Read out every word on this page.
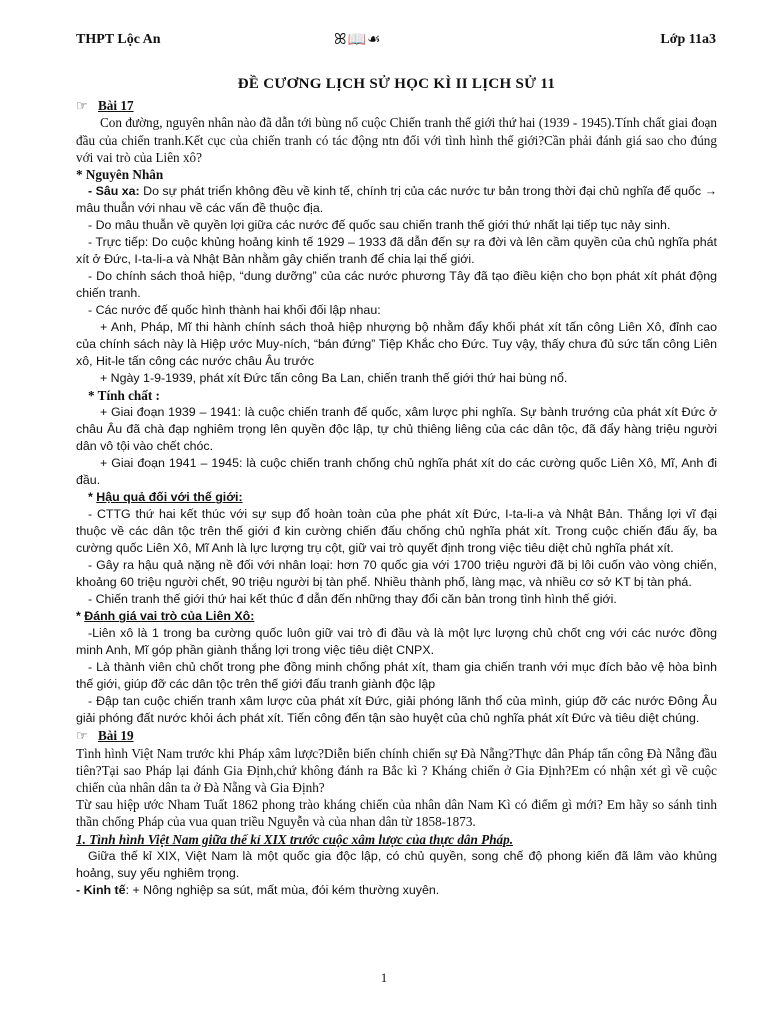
THPT Lộc An	ꕤ📖☙	Lớp 11a3
ĐỀ CƯƠNG LỊCH SỬ HỌC KÌ II LỊCH SỬ 11
☞ Bài 17

Con đường, nguyên nhân nào đã dẫn tới bùng nổ cuộc Chiến tranh thế giới thứ hai (1939 - 1945).Tính chất giai đoạn đầu của chiến tranh.Kết cục của chiến tranh có tác động ntn đối với tình hình thế giới?Cần phải đánh giá sao cho đúng với vai trò của Liên xô?

* Nguyên Nhân

- Sâu xa: Do sự phát triển không đều về kinh tế, chính trị của các nước tư bản trong thời đại chủ nghĩa đế quốc → mâu thuẫn với nhau về các vấn đề thuộc địa.

- Do mâu thuẫn về quyền lợi giữa các nước đế quốc sau chiến tranh thế giới thứ nhất lại tiếp tục nảy sinh.

- Trực tiếp: Do cuộc khủng hoảng kinh tế 1929 – 1933 đã dẫn đến sự ra đời và lên cầm quyền của chủ nghĩa phát xít ở Đức, I-ta-li-a và Nhật Bản nhằm gây chiến tranh để chia lại thế giới.

- Do chính sách thoả hiệp, “dung dưỡng” của các nước phương Tây đã tạo điều kiện cho bọn phát xít phát động chiến tranh.

- Các nước đế quốc hình thành hai khối đối lập nhau:

+ Anh, Pháp, Mĩ thi hành chính sách thoả hiệp nhượng bộ nhằm đẩy khối phát xít tấn công Liên Xô, đỉnh cao của chính sách này là Hiệp ước Muy-ních, “bán đứng” Tiệp Khắc cho Đức. Tuy vậy, thấy chưa đủ sức tấn công Liên xô, Hit-le tấn công các nước châu Âu trước

+ Ngày 1-9-1939, phát xít Đức tấn công Ba Lan, chiến tranh thế giới thứ hai bùng nổ.

* Tính chất :

+ Giai đoạn 1939 – 1941: là cuộc chiến tranh đế quốc, xâm lược phi nghĩa. Sự bành trướng của phát xít Đức ở châu Âu đã chà đạp nghiêm trọng lên quyền độc lập, tự chủ thiêng liêng của các dân tộc, đã đẩy hàng triệu người dân vô tội vào chết chóc.

+ Giai đoạn 1941 – 1945: là cuộc chiến tranh chống chủ nghĩa phát xít do các cường quốc Liên Xô, Mĩ, Anh đi đầu.

* Hậu quả đối với thế giới:

- CTTG thứ hai kết thúc với sự sụp đổ hoàn toàn của phe phát xít Đức, I-ta-li-a và Nhật Bản. Thắng lợi vĩ đại thuộc về các dân tộc trên thế giới đ kin cường chiến đấu chống chủ nghĩa phát xít. Trong cuộc chiến đấu ấy, ba cường quốc Liên Xô, Mĩ Anh là lực lượng trụ cột, giữ vai trò quyết định trong việc tiêu diệt chủ nghĩa phát xít.

- Gây ra hậu quả nặng nề đối với nhân loại: hơn 70 quốc gia với 1700 triệu người đã bị lôi cuốn vào vòng chiến, khoảng 60 triệu người chết, 90 triệu người bị tàn phế. Nhiều thành phố, làng mạc, và nhiều cơ sở KT bị tàn phá.

- Chiến tranh thế giới thứ hai kết thúc đ dẫn đến những thay đổi căn bản trong tình hình thế giới.

* Đánh giá vai trò của Liên Xô:

-Liên xô là 1 trong ba cường quốc luôn giữ vai trò đi đầu và là một lực lượng chủ chốt cng với các nước đồng minh Anh, Mĩ góp phần giành thắng lợi trong việc tiêu diệt CNPX.

- Là thành viên chủ chốt trong phe đồng minh chống phát xít, tham gia chiến tranh với mục đích bảo vệ hòa bình thế giới, giúp đỡ các dân tộc trên thế giới đấu tranh giành độc lập

- Đập tan cuộc chiến tranh xâm lược của phát xít Đức, giải phóng lãnh thổ của mình, giúp đỡ các nước Đông Âu giải phóng đất nước khỏi ách phát xít. Tiến công đến tận sào huyệt của chủ nghĩa phát xít Đức và tiêu diệt chúng.

☞ Bài 19

Tình hình Việt Nam trước khi Pháp xâm lược?Diễn biến chính chiến sự Đà Nẵng?Thực dân Pháp tấn công Đà Nẵng đầu tiên?Tại sao Pháp lại đánh Gia Định,chứ không đánh ra Bắc kì ? Kháng chiến ở Gia Định?Em có nhận xét gì về cuộc chiến của nhân dân ta ở Đà Nẵng và Gia Định?

Từ sau hiệp ước Nham Tuất 1862 phong trào kháng chiến của nhân dân Nam Kì có điểm gì mới? Em hãy so sánh tinh thần chống Pháp của vua quan triều Nguyễn và của nhan dân từ 1858-1873.

1. Tình hình Việt Nam giữa thế kỉ XIX trước cuộc xâm lược của thực dân Pháp.

Giữa thế kỉ XIX, Việt Nam là một quốc gia độc lập, có chủ quyền, song chế độ phong kiến đã lâm vào khủng hoảng, suy yếu nghiêm trọng.

- Kinh tế: + Nông nghiệp sa sút, mất mùa, đói kém thường xuyên.

1
